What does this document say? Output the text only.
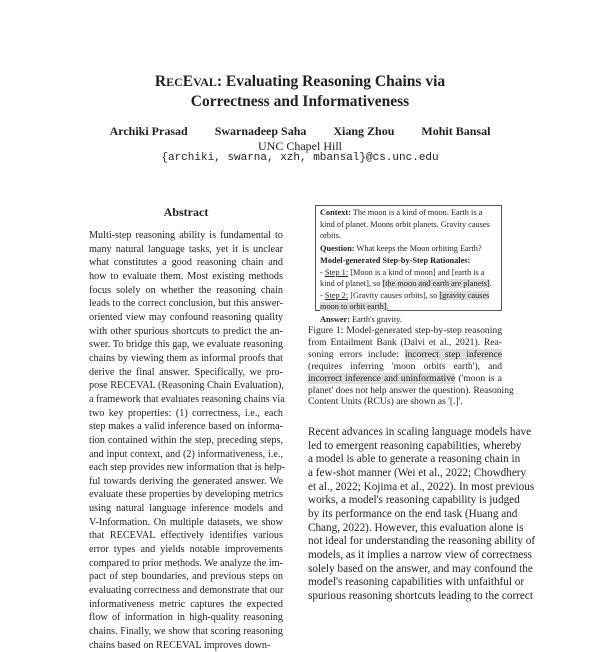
RECEVAL: Evaluating Reasoning Chains via
Correctness and Informativeness
Archiki Prasad Swarnadeep Saha Xiang Zhou Mohit Bansal
UNC Chapel Hill
{archiki, swarna, xzh, mbansal}@cs.unc.edu
Abstract
Multi-step reasoning ability is fundamental to
many natural language tasks, yet it is unclear
what constitutes a good reasoning chain and
how to evaluate them. Most existing methods
focus solely on whether the reasoning chain
leads to the correct conclusion, but this answer-
oriented view may confound reasoning quality
with other spurious shortcuts to predict the an-
swer. To bridge this gap, we evaluate reasoning
chains by viewing them as informal proofs that
derive the final answer. Specifically, we pro-
pose RECEVAL (Reasoning Chain Evaluation),
a framework that evaluates reasoning chains via
two key properties: (1) correctness, i.e., each
step makes a valid inference based on informa-
tion contained within the step, preceding steps,
and input context, and (2) informativeness, i.e.,
each step provides new information that is help-
ful towards deriving the generated answer. We
evaluate these properties by developing metrics
using natural language inference models and
V-Information. On multiple datasets, we show
that RECEVAL effectively identifies various
error types and yields notable improvements
compared to prior methods. We analyze the im-
pact of step boundaries, and previous steps on
evaluating correctness and demonstrate that our
informativeness metric captures the expected
flow of information in high-quality reasoning
chains. Finally, we show that scoring reasoning
chains based on RECEVAL improves down-
Context: The moon is a kind of moon. Earth is a kind of planet. Moons orbit planets. Gravity causes orbits.
Question: What keeps the Moon orbiting Earth?
Model-generated Step-by-Step Rationales:
- Step 1: [Moon is a kind of moon] and [earth is a kind of planet], so [the moon and earth are planets].
- Step 2: [Gravity causes orbits], so [gravity causes moon to orbit earth].
Answer: Earth's gravity.
Figure 1: Model-generated step-by-step reasoning
from Entailment Bank (Dalvi et al., 2021). Rea-
soning errors include: incorrect step inference
(requires inferring 'moon orbits earth'), and
incorrect inference and uninformative ('moon is a
planet' does not help answer the question). Reasoning
Content Units (RCUs) are shown as '[.]'.
Recent advances in scaling language models have
led to emergent reasoning capabilities, whereby
a model is able to generate a reasoning chain in
a few-shot manner (Wei et al., 2022; Chowdhery
et al., 2022; Kojima et al., 2022). In most previous
works, a model's reasoning capability is judged
by its performance on the end task (Huang and
Chang, 2022). However, this evaluation alone is
not ideal for understanding the reasoning ability of
models, as it implies a narrow view of correctness
solely based on the answer, and may confound the
model's reasoning capabilities with unfaithful or
spurious reasoning shortcuts leading to the correct
